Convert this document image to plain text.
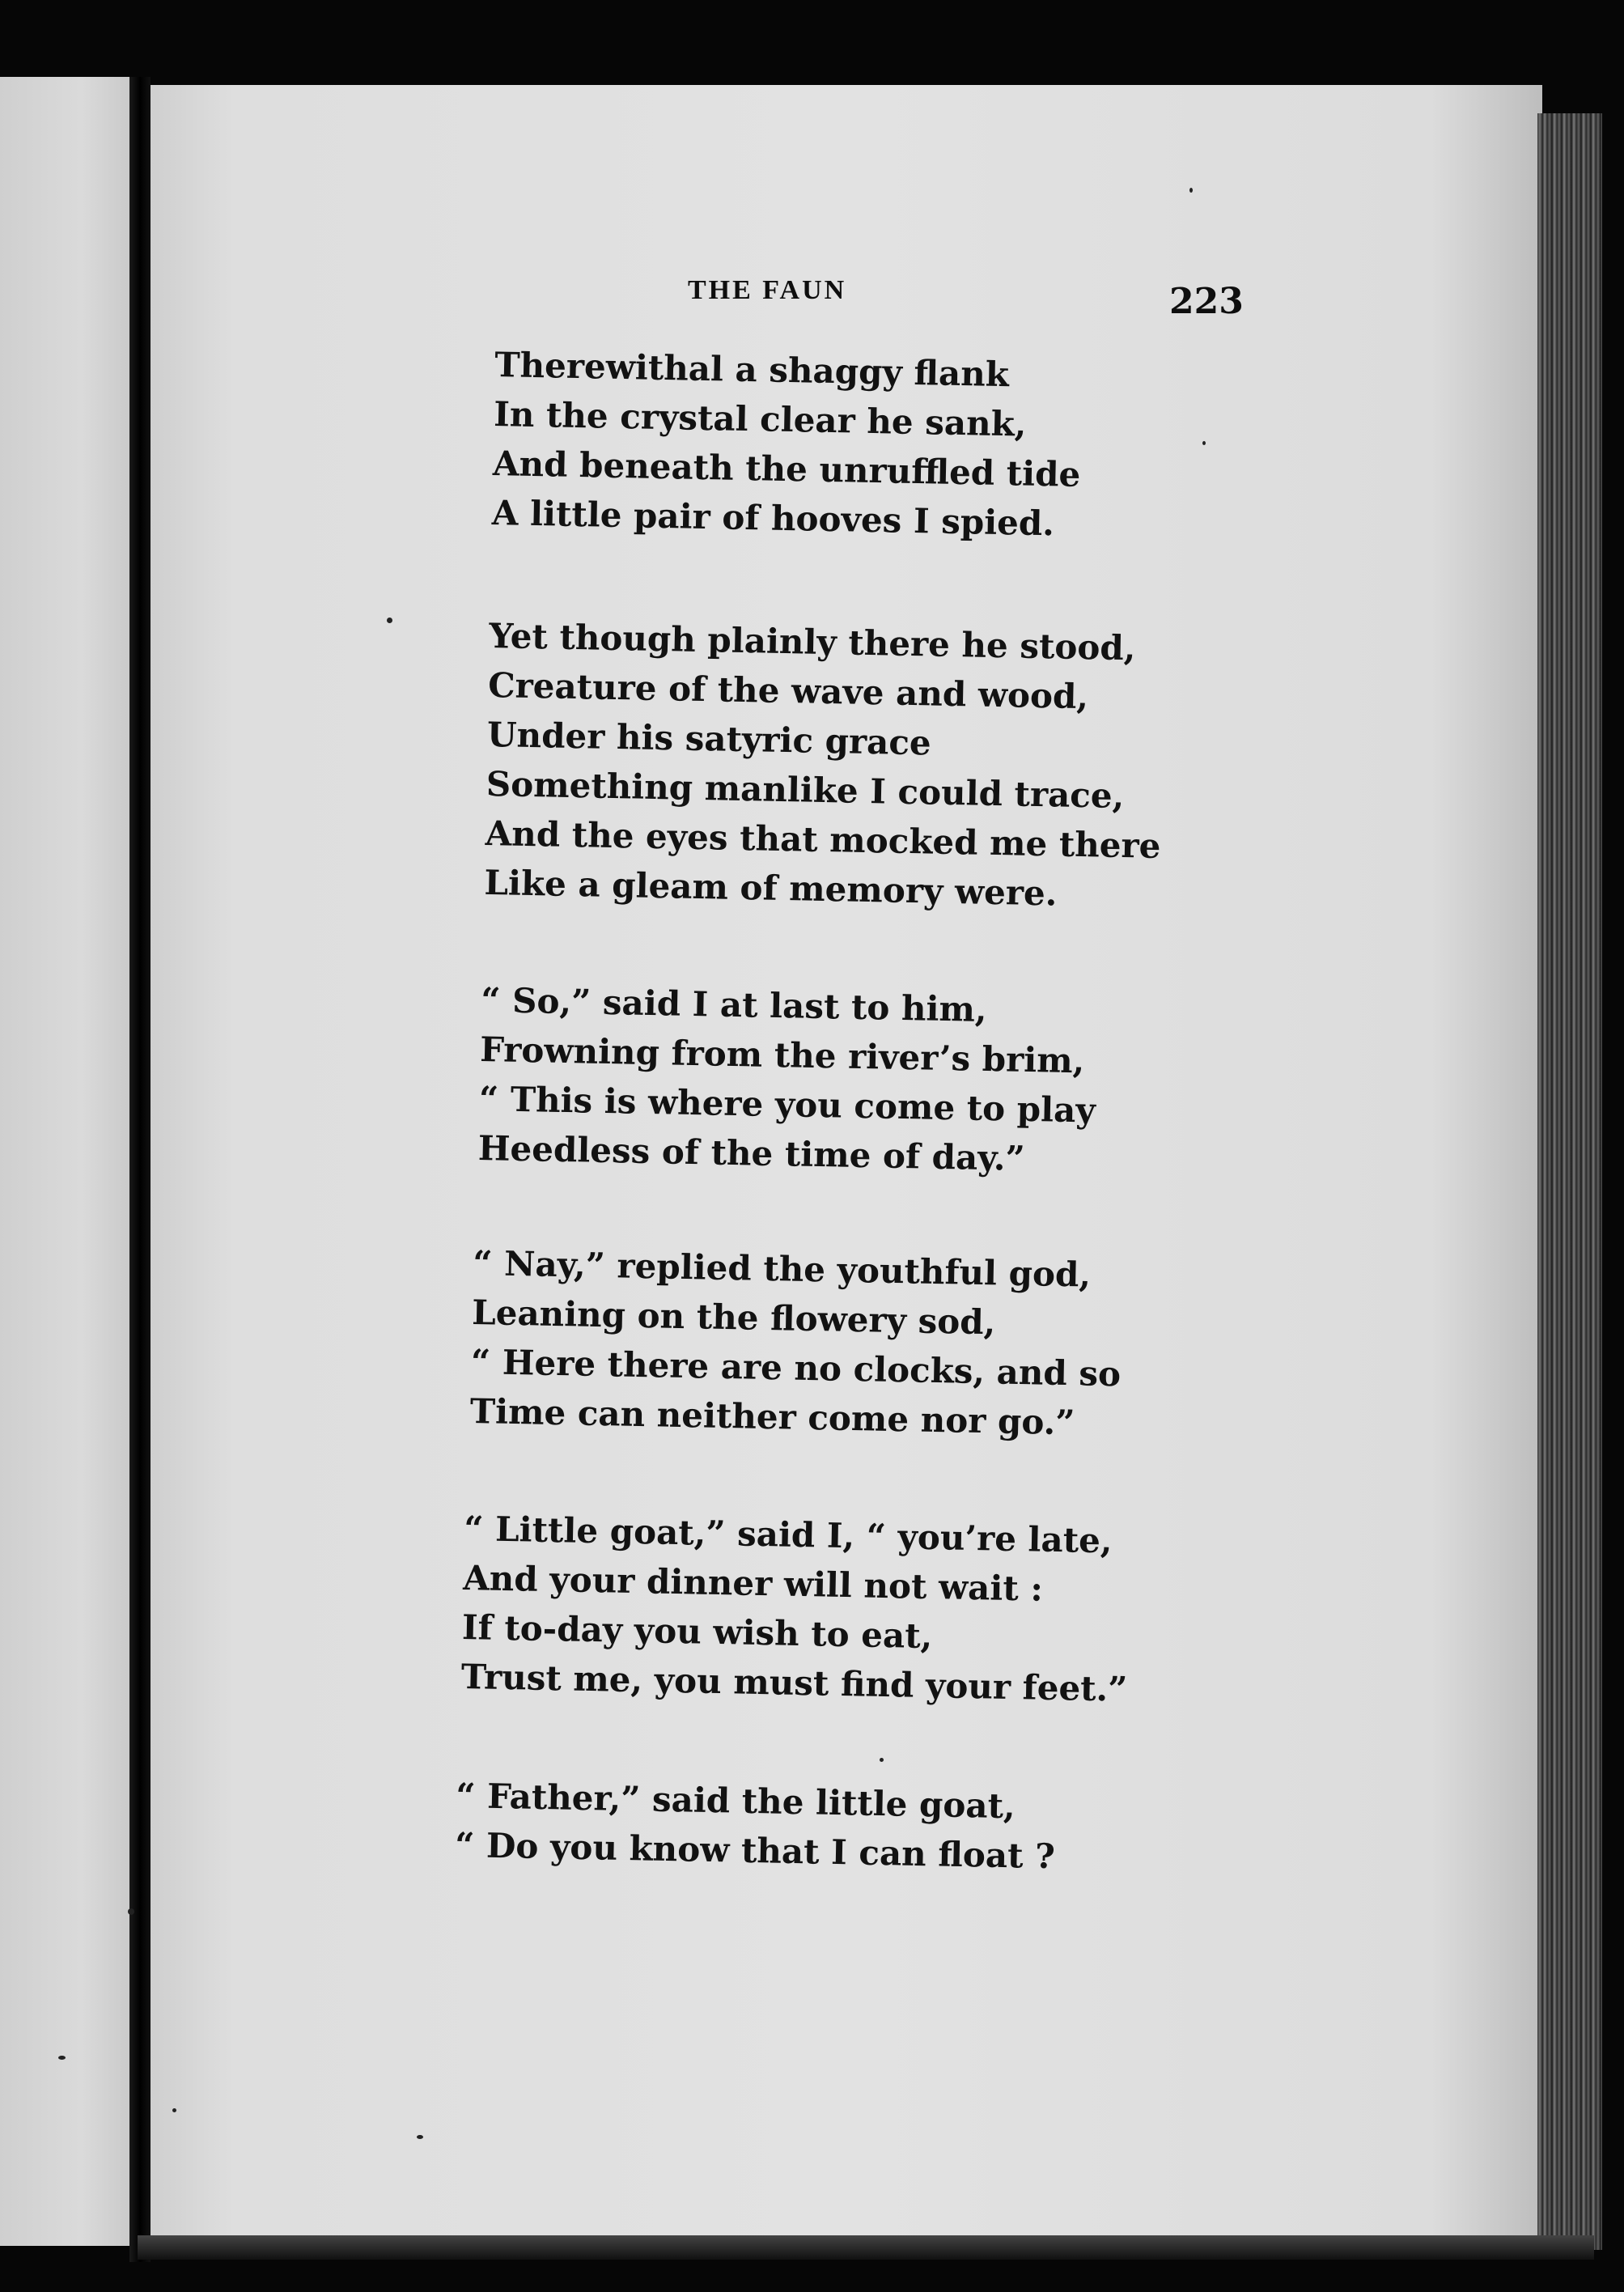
THE FAUN	223
Therewithal a shaggy flank
In the crystal clear he sank,
And beneath the unruffled tide
A little pair of hooves I spied.
Yet though plainly there he stood,
Creature of the wave and wood,
Under his satyric grace
Something manlike I could trace,
And the eyes that mocked me there
Like a gleam of memory were.
“ So,” said I at last to him,
Frowning from the river’s brim,
“ This is where you come to play
Heedless of the time of day.”
“ Nay,” replied the youthful god,
Leaning on the flowery sod,
“ Here there are no clocks, and so
Time can neither come nor go.”
“ Little goat,” said I, “ you’re late,
And your dinner will not wait :
If to-day you wish to eat,
Trust me, you must find your feet.”
“ Father,” said the little goat,
“ Do you know that I can float ?
